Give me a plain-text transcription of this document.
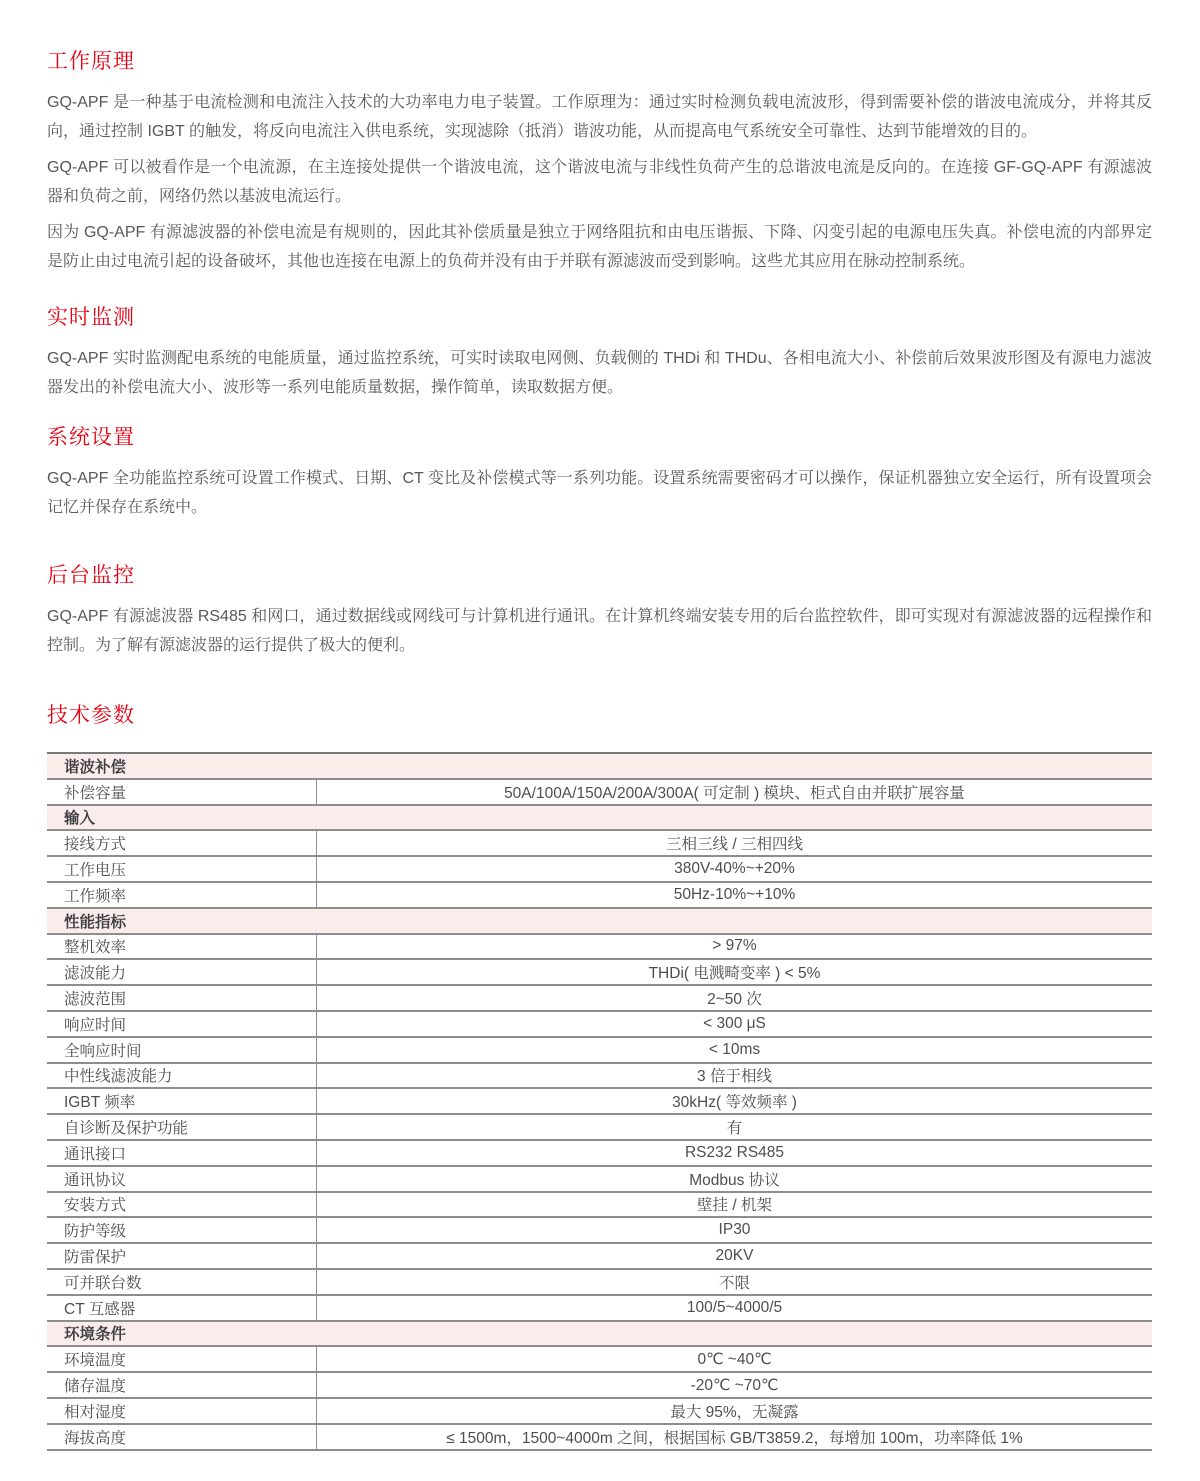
工作原理

GQ-APF 是一种基于电流检测和电流注入技术的大功率电力电子装置。工作原理为：通过实时检测负载电流波形，得到需要补偿的谐波电流成分，并将其反向，通过控制 IGBT 的触发，将反向电流注入供电系统，实现滤除（抵消）谐波功能，从而提高电气系统安全可靠性、达到节能增效的目的。

GQ-APF 可以被看作是一个电流源，在主连接处提供一个谐波电流，这个谐波电流与非线性负荷产生的总谐波电流是反向的。在连接 GF-GQ-APF 有源滤波器和负荷之前，网络仍然以基波电流运行。

因为 GQ-APF 有源滤波器的补偿电流是有规则的，因此其补偿质量是独立于网络阻抗和由电压谐振、下降、闪变引起的电源电压失真。补偿电流的内部界定是防止由过电流引起的设备破坏，其他也连接在电源上的负荷并没有由于并联有源滤波而受到影响。这些尤其应用在脉动控制系统。

实时监测

GQ-APF 实时监测配电系统的电能质量，通过监控系统，可实时读取电网侧、负载侧的 THDi 和 THDu、各相电流大小、补偿前后效果波形图及有源电力滤波器发出的补偿电流大小、波形等一系列电能质量数据，操作简单，读取数据方便。

系统设置

GQ-APF 全功能监控系统可设置工作模式、日期、CT 变比及补偿模式等一系列功能。设置系统需要密码才可以操作，保证机器独立安全运行，所有设置项会记忆并保存在系统中。

后台监控

GQ-APF 有源滤波器 RS485 和网口，通过数据线或网线可与计算机进行通讯。在计算机终端安装专用的后台监控软件，即可实现对有源滤波器的远程操作和控制。为了解有源滤波器的运行提供了极大的便利。

技术参数
谐波补偿
补偿容量	50A/100A/150A/200A/300A( 可定制 ) 模块、柜式自由并联扩展容量
输入
接线方式	三相三线 / 三相四线
工作电压	380V-40%~+20%
工作频率	50Hz-10%~+10%
性能指标
整机效率	> 97%
滤波能力	THDi( 电溅畸变率 ) < 5%
滤波范围	2~50 次
响应时间	< 300 μS
全响应时间	< 10ms
中性线滤波能力	3 倍于相线
IGBT 频率	30kHz( 等效频率 )
自诊断及保护功能	有
通讯接口	RS232 RS485
通讯协议	Modbus 协议
安装方式	壁挂 / 机架
防护等级	IP30
防雷保护	20KV
可并联台数	不限
CT 互感器	100/5~4000/5
环境条件
环境温度	0℃ ~40℃
储存温度	-20℃ ~70℃
相对湿度	最大 95%，无凝露
海拔高度	≤ 1500m，1500~4000m 之间，根据国标 GB/T3859.2，每增加 100m，功率降低 1%
